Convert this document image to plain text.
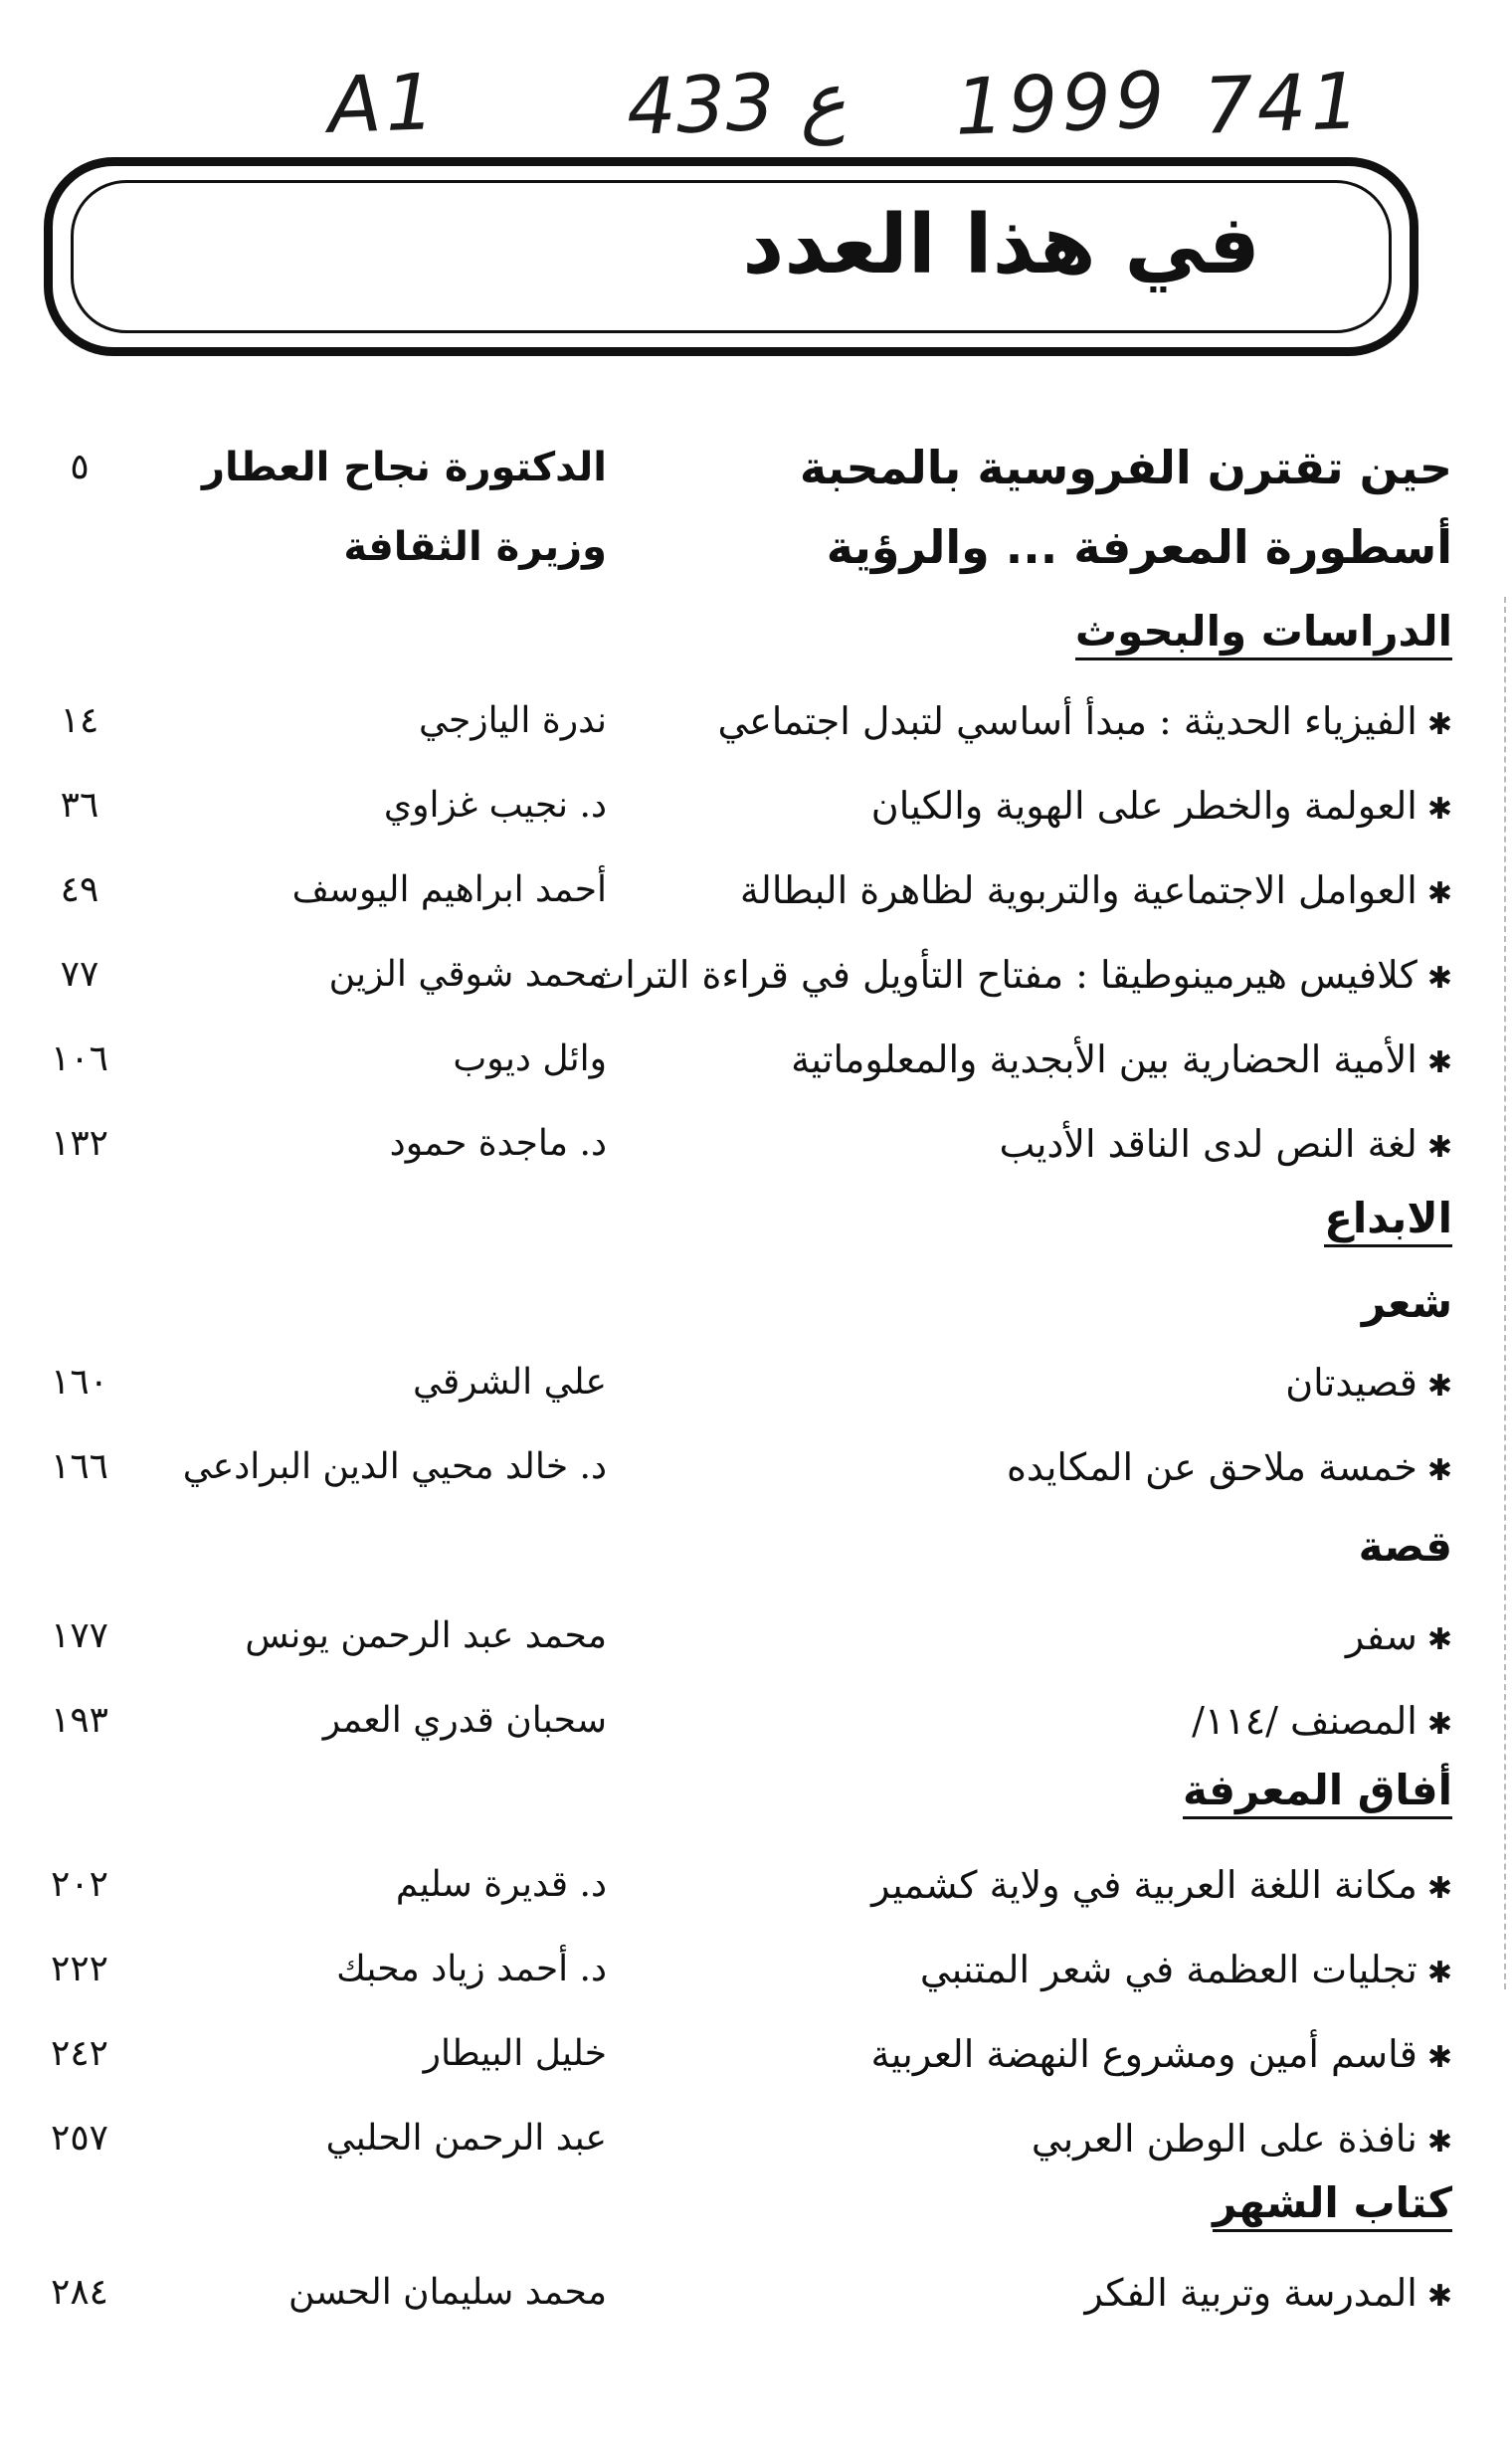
A1 433 ع 1999 741
في هذا العدد
حين تقترن الفروسية بالمحبة
الدكتورة نجاح العطار
٥
أسطورة المعرفة ... والرؤية
وزيرة الثقافة
الدراسات والبحوث
الابداع
شعر
قصة
أفاق المعرفة
كتاب الشهر
✱الفيزياء الحديثة : مبدأ أساسي لتبدل اجتماعي
ندرة اليازجي
١٤
✱العولمة والخطر على الهوية والكيان
د. نجيب غزاوي
٣٦
✱العوامل الاجتماعية والتربوية لظاهرة البطالة
أحمد ابراهيم اليوسف
٤٩
✱كلافيس هيرمينوطيقا : مفتاح التأويل في قراءة التراث
محمد شوقي الزين
٧٧
✱الأمية الحضارية بين الأبجدية والمعلوماتية
وائل ديوب
١٠٦
✱لغة النص لدى الناقد الأديب
د. ماجدة حمود
١٣٢
✱قصيدتان
علي الشرقي
١٦٠
✱خمسة ملاحق عن المكايده
د. خالد محيي الدين البرادعي
١٦٦
✱سفر
محمد عبد الرحمن يونس
١٧٧
✱المصنف /١١٤/
سحبان قدري العمر
١٩٣
✱مكانة اللغة العربية في ولاية كشمير
د. قديرة سليم
٢٠٢
✱تجليات العظمة في شعر المتنبي
د. أحمد زياد محبك
٢٢٢
✱قاسم أمين ومشروع النهضة العربية
خليل البيطار
٢٤٢
✱نافذة على الوطن العربي
عبد الرحمن الحلبي
٢٥٧
✱المدرسة وتربية الفكر
محمد سليمان الحسن
٢٨٤
